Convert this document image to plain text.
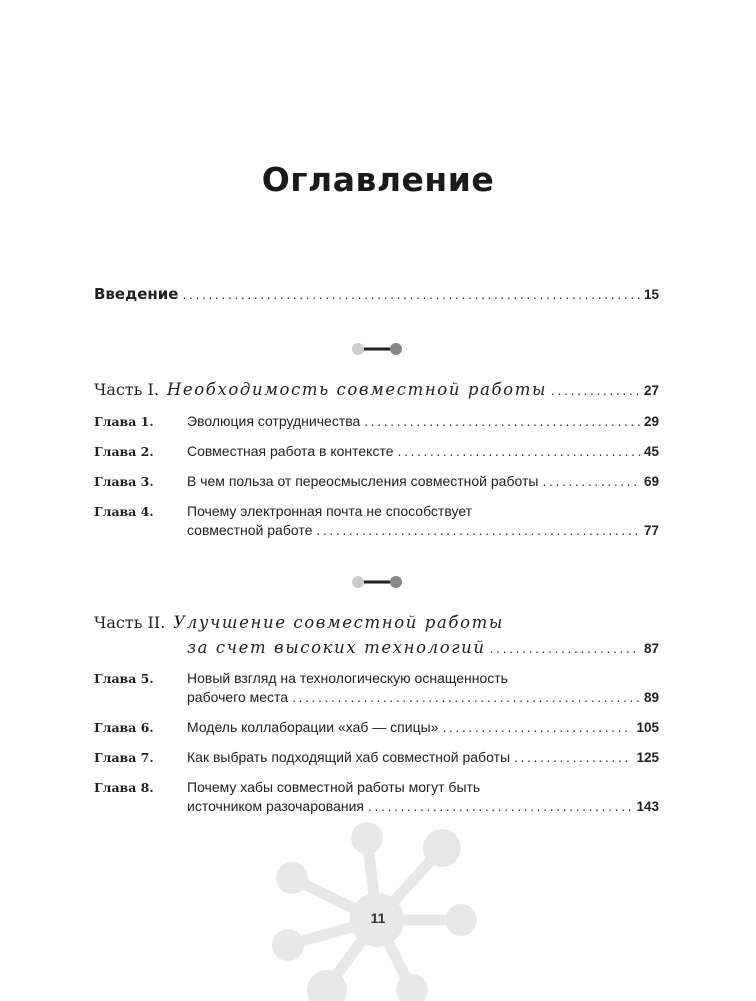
Оглавление
Введение .....	15
Часть I. Необходимость совместной работы .....	27
Глава 1.	Эволюция сотрудничества .....	29
Глава 2.	Совместная работа в контексте .....	45
Глава 3.	В чем польза от переосмысления совместной работы .....	69
Глава 4.	Почему электронная почта не способствует
совместной работе .....	77
Часть II. Улучшение совместной работы
за счет высоких технологий .....	87
Глава 5.	Новый взгляд на технологическую оснащенность
рабочего места .....	89
Глава 6.	Модель коллаборации «хаб — спицы» .....	105
Глава 7.	Как выбрать подходящий хаб совместной работы .....	125
Глава 8.	Почему хабы совместной работы могут быть
источником разочарования .....	143
11
